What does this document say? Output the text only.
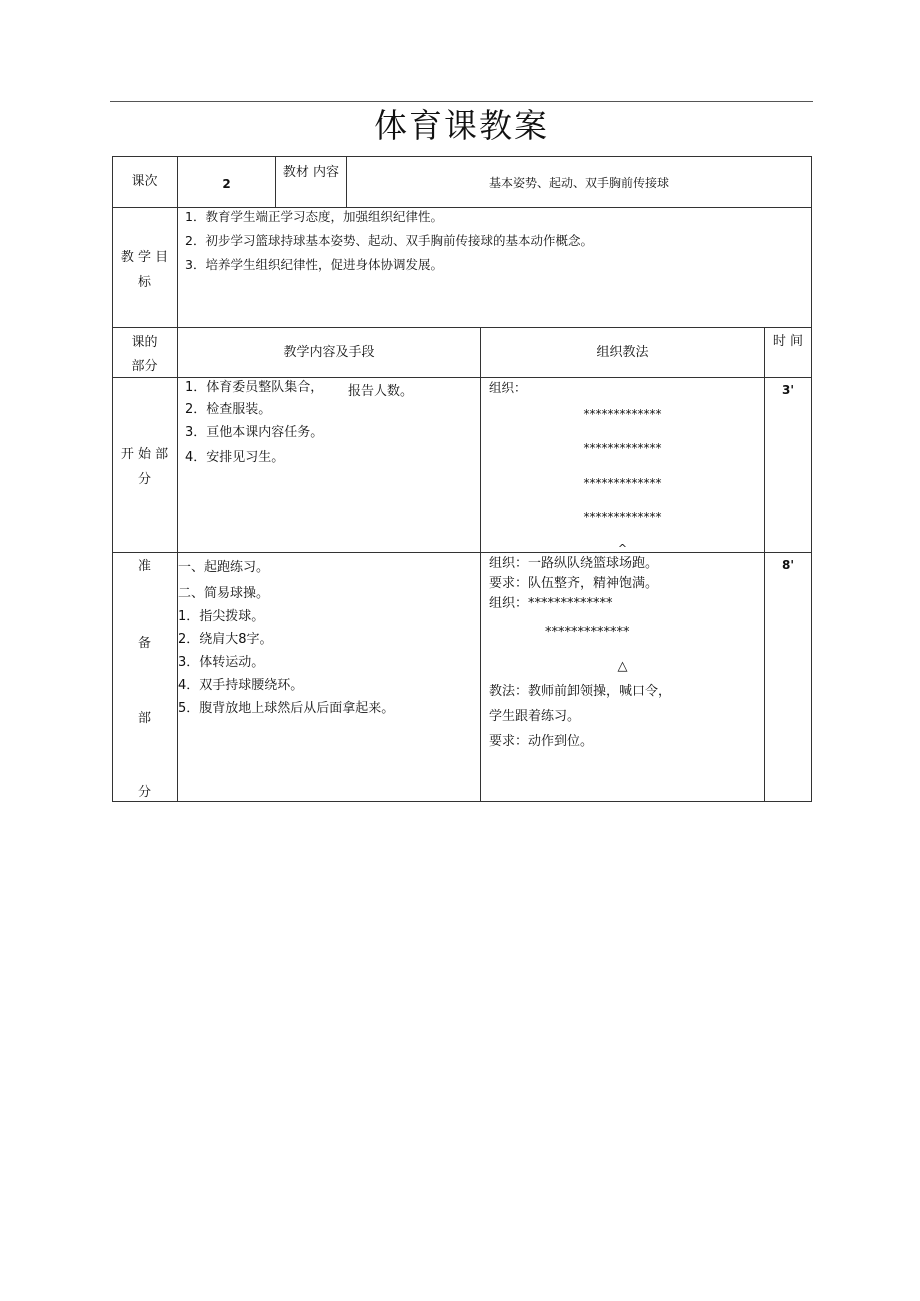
体育课教案
课次	2
教材 内容
基本姿势、起动、双手胸前传接球
教 学 目
标
1．教育学生端正学习态度，加强组织纪律性。
2．初步学习篮球持球基本姿势、起动、双手胸前传接球的基本动作概念。
3．培养学生组织纪律性，促进身体协调发展。
课的
部分
教学内容及手段	组织教法
时 间
开 始 部
分
1．体育委员整队集合， 报告人数。
2．检查服装。
3．亘他本课内容任务。
4．安排见习生。
组织：
*************
*************
*************
*************
^
3'
准
备
部
分
一、起跑练习。
二、简易球操。
1．指尖拨球。
2．绕肩大8字。
3．体转运动。
4．双手持球腰绕环。
5．腹背放地上球然后从后面拿起来。
组织：一路纵队绕篮球场跑。
要求：队伍整齐，精神饱满。
组织：*************
*************
△
教法：教师前卸领操，喊口令，
学生跟着练习。
要求：动作到位。
8'
